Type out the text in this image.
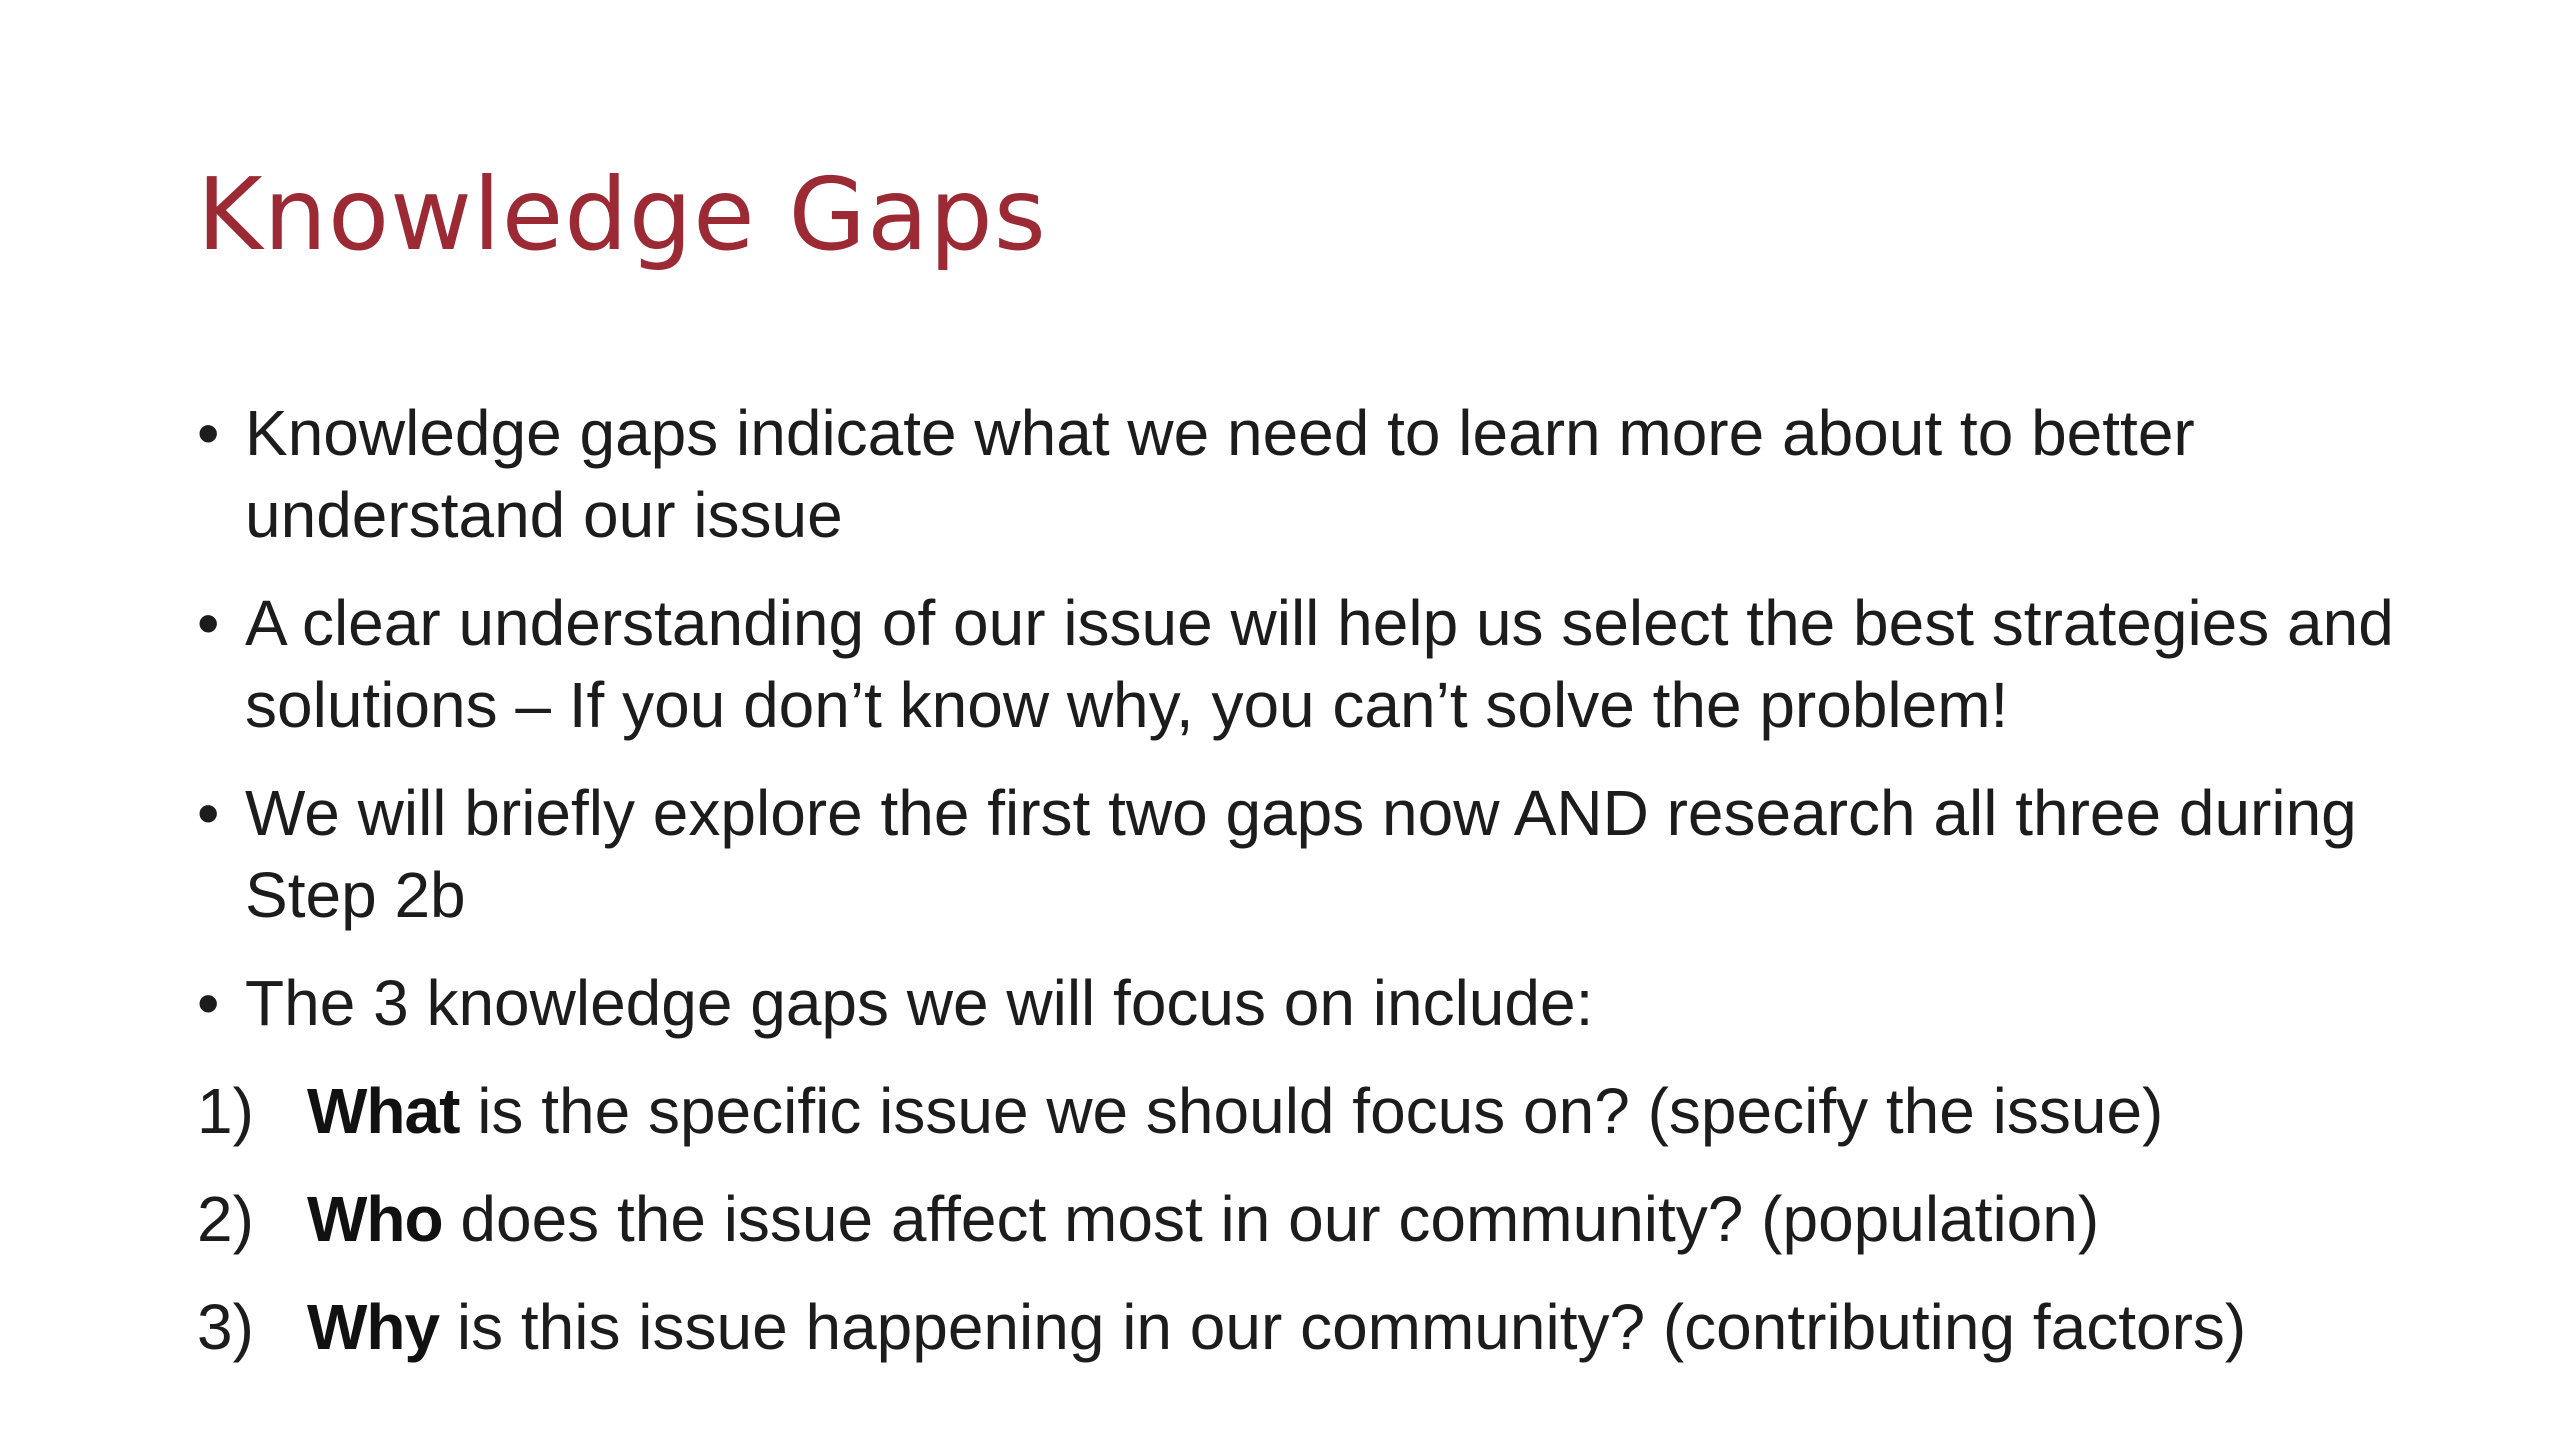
Knowledge Gaps
• Knowledge gaps indicate what we need to learn more about to better understand our issue
• A clear understanding of our issue will help us select the best strategies and solutions – If you don’t know why, you can’t solve the problem!
• We will briefly explore the first two gaps now AND research all three during Step 2b
• The 3 knowledge gaps we will focus on include:
1) What is the specific issue we should focus on? (specify the issue)
2) Who does the issue affect most in our community? (population)
3) Why is this issue happening in our community? (contributing factors)
